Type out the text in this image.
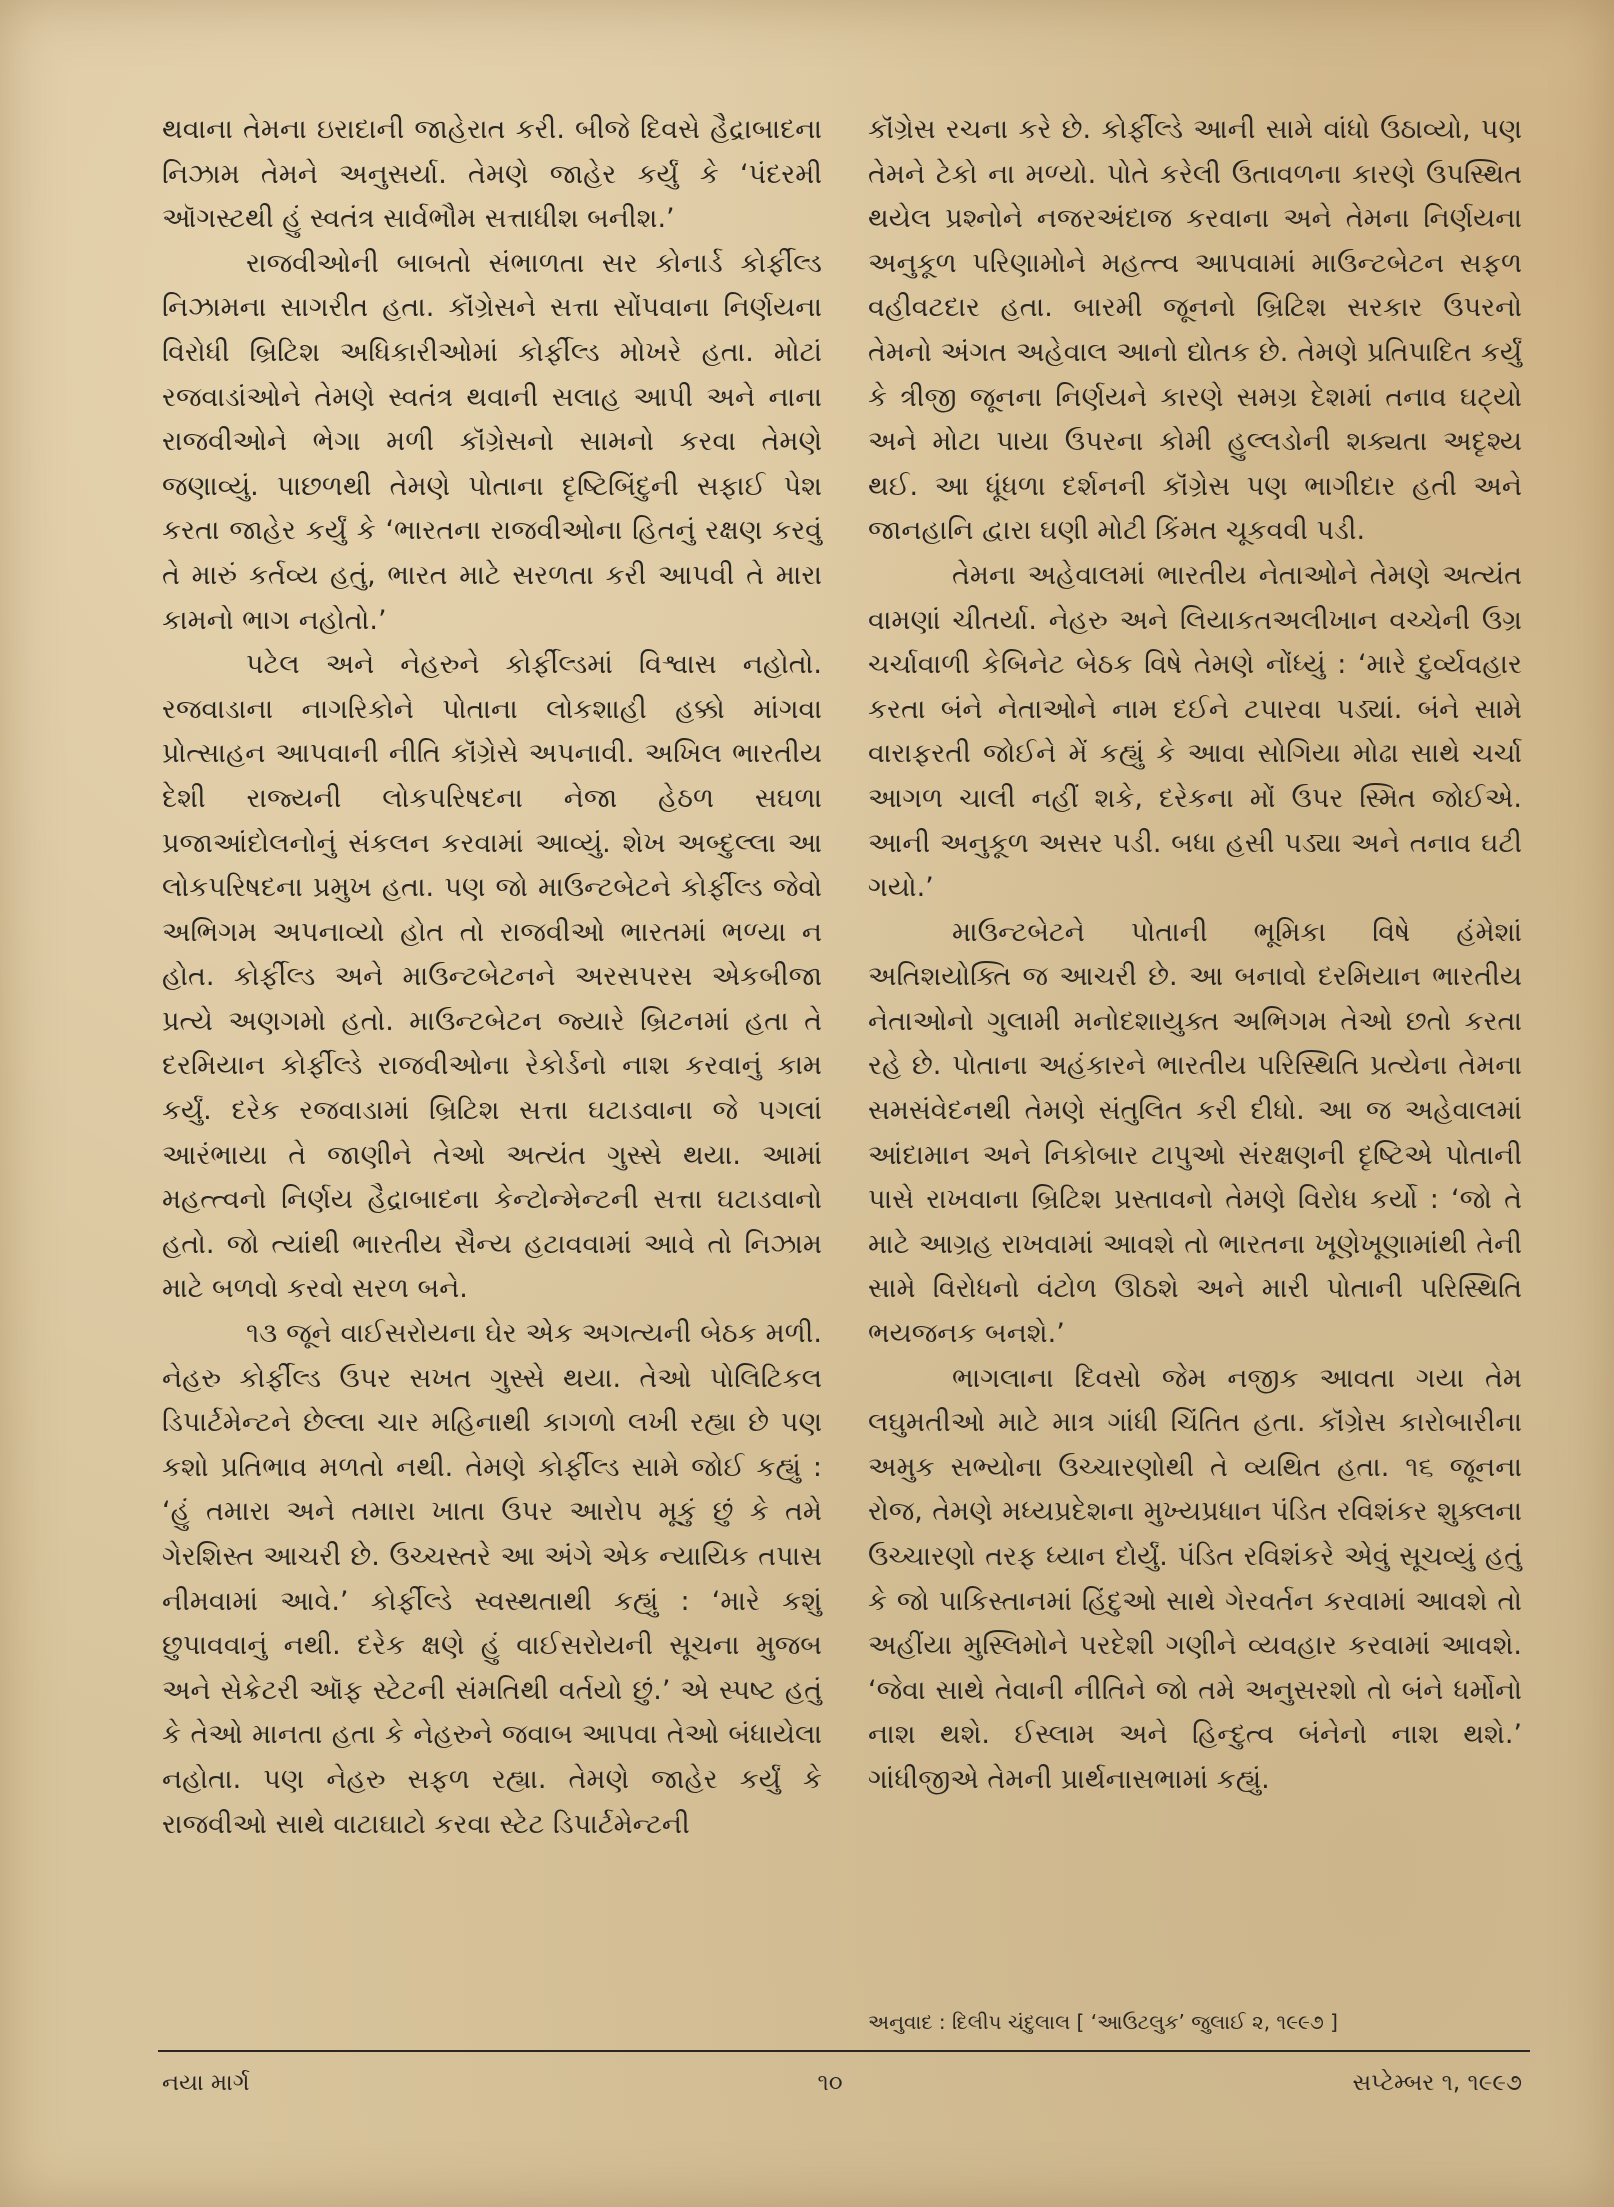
થવાના તેમના ઇરાદાની જાહેરાત કરી. બીજે દિવસે હૈદ્રાબાદના નિઝામ તેમને અનુસર્યા. તેમણે જાહેર કર્યું કે ‘પંદરમી ઑગસ્ટથી હું સ્વતંત્ર સાર્વભૌમ સત્તાધીશ બનીશ.’

રાજવીઓની બાબતો સંભાળતા સર કોનાર્ડ કોર્ફીલ્ડ નિઝામના સાગરીત હતા. કૉંગ્રેસને સત્તા સોંપવાના નિર્ણયના વિરોધી બ્રિટિશ અધિકારીઓમાં કોર્ફીલ્ડ મોખરે હતા. મોટાં રજવાડાંઓને તેમણે સ્વતંત્ર થવાની સલાહ આપી અને નાના રાજવીઓને ભેગા મળી કૉંગ્રેસનો સામનો કરવા તેમણે જણાવ્યું. પાછળથી તેમણે પોતાના દૃષ્ટિબિંદુની સફાઈ પેશ કરતા જાહેર કર્યું કે ‘ભારતના રાજવીઓના હિતનું રક્ષણ કરવું તે મારું કર્તવ્ય હતું, ભારત માટે સરળતા કરી આપવી તે મારા કામનો ભાગ નહોતો.’

પટેલ અને નેહરુને કોર્ફીલ્ડમાં વિશ્વાસ નહોતો. રજવાડાના નાગરિકોને પોતાના લોકશાહી હક્કો માંગવા પ્રોત્સાહન આપવાની નીતિ કૉંગ્રેસે અપનાવી. અખિલ ભારતીય દેશી રાજ્યની લોકપરિષદના નેજા હેઠળ સઘળા પ્રજાઆંદોલનોનું સંકલન કરવામાં આવ્યું. શેખ અબ્દુલ્લા આ લોકપરિષદના પ્રમુખ હતા. પણ જો માઉન્ટબેટને કોર્ફીલ્ડ જેવો અભિગમ અપનાવ્યો હોત તો રાજવીઓ ભારતમાં ભળ્યા ન હોત. કોર્ફીલ્ડ અને માઉન્ટબેટનને અરસપરસ એકબીજા પ્રત્યે અણગમો હતો. માઉન્ટબેટન જ્યારે બ્રિટનમાં હતા તે દરમિયાન કોર્ફીલ્ડે રાજવીઓના રેકોર્ડનો નાશ કરવાનું કામ કર્યું. દરેક રજવાડામાં બ્રિટિશ સત્તા ઘટાડવાના જે પગલાં આરંભાયા તે જાણીને તેઓ અત્યંત ગુસ્સે થયા. આમાં મહત્ત્વનો નિર્ણય હૈદ્રાબાદના કેન્ટોન્મેન્ટની સત્તા ઘટાડવાનો હતો. જો ત્યાંથી ભારતીય સૈન્ય હટાવવામાં આવે તો નિઝામ માટે બળવો કરવો સરળ બને.

૧૩ જૂને વાઈસરોયના ઘેર એક અગત્યની બેઠક મળી. નેહરુ કોર્ફીલ્ડ ઉપર સખત ગુસ્સે થયા. તેઓ પોલિટિકલ ડિપાર્ટમેન્ટને છેલ્લા ચાર મહિનાથી કાગળો લખી રહ્યા છે પણ કશો પ્રતિભાવ મળતો નથી. તેમણે કોર્ફીલ્ડ સામે જોઈ કહ્યું : ‘હું તમારા અને તમારા ખાતા ઉપર આરોપ મૂકું છું કે તમે ગેરશિસ્ત આચરી છે. ઉચ્ચસ્તરે આ અંગે એક ન્યાયિક તપાસ નીમવામાં આવે.’ કોર્ફીલ્ડે સ્વસ્થતાથી કહ્યું : ‘મારે કશું છુપાવવાનું નથી. દરેક ક્ષણે હું વાઈસરોયની સૂચના મુજબ અને સેક્રેટરી ઑફ સ્ટેટની સંમતિથી વર્તયો છું.’ એ સ્પષ્ટ હતું કે તેઓ માનતા હતા કે નેહરુને જવાબ આપવા તેઓ બંધાયેલા નહોતા. પણ નેહરુ સફળ રહ્યા. તેમણે જાહેર કર્યું કે રાજવીઓ સાથે વાટાઘાટો કરવા સ્ટેટ ડિપાર્ટમેન્ટની

કૉંગ્રેસ રચના કરે છે. કોર્ફીલ્ડે આની સામે વાંધો ઉઠાવ્યો, પણ તેમને ટેકો ના મળ્યો. પોતે કરેલી ઉતાવળના કારણે ઉપસ્થિત થયેલ પ્રશ્નોને નજરઅંદાજ કરવાના અને તેમના નિર્ણયના અનુકૂળ પરિણામોને મહત્ત્વ આપવામાં માઉન્ટબેટન સફળ વહીવટદાર હતા. બારમી જૂનનો બ્રિટિશ સરકાર ઉપરનો તેમનો અંગત અહેવાલ આનો દ્યોતક છે. તેમણે પ્રતિપાદિત કર્યું કે ત્રીજી જૂનના નિર્ણયને કારણે સમગ્ર દેશમાં તનાવ ઘટ્યો અને મોટા પાયા ઉપરના કોમી હુલ્લડોની શક્યતા અદૃશ્ય થઈ. આ ધૂંધળા દર્શનની કૉંગ્રેસ પણ ભાગીદાર હતી અને જાનહાનિ દ્વારા ઘણી મોટી કિંમત ચૂકવવી પડી.

તેમના અહેવાલમાં ભારતીય નેતાઓને તેમણે અત્યંત વામણાં ચીતર્યા. નેહરુ અને લિયાકતઅલીખાન વચ્ચેની ઉગ્ર ચર્ચાવાળી કેબિનેટ બેઠક વિષે તેમણે નોંધ્યું : ‘મારે દુર્વ્યવહાર કરતા બંને નેતાઓને નામ દઈને ટપારવા પડ્યાં. બંને સામે વારાફરતી જોઈને મેં કહ્યું કે આવા સોગિયા મોઢા સાથે ચર્ચા આગળ ચાલી નહીં શકે, દરેકના મોં ઉપર સ્મિત જોઈએ. આની અનુકૂળ અસર પડી. બધા હસી પડ્યા અને તનાવ ઘટી ગયો.’

માઉન્ટબેટને પોતાની ભૂમિકા વિષે હંમેશાં અતિશયોક્તિ જ આચરી છે. આ બનાવો દરમિયાન ભારતીય નેતાઓનો ગુલામી મનોદશાયુક્ત અભિગમ તેઓ છતો કરતા રહે છે. પોતાના અહંકારને ભારતીય પરિસ્થિતિ પ્રત્યેના તેમના સમસંવેદનથી તેમણે સંતુલિત કરી દીધો. આ જ અહેવાલમાં આંદામાન અને નિકોબાર ટાપુઓ સંરક્ષણની દૃષ્ટિએ પોતાની પાસે રાખવાના બ્રિટિશ પ્રસ્તાવનો તેમણે વિરોધ કર્યો : ‘જો તે માટે આગ્રહ રાખવામાં આવશે તો ભારતના ખૂણેખૂણામાંથી તેની સામે વિરોધનો વંટોળ ઊઠશે અને મારી પોતાની પરિસ્થિતિ ભયજનક બનશે.’

ભાગલાના દિવસો જેમ નજીક આવતા ગયા તેમ લઘુમતીઓ માટે માત્ર ગાંધી ચિંતિત હતા. કૉંગ્રેસ કારોબારીના અમુક સભ્યોના ઉચ્ચારણોથી તે વ્યથિત હતા. ૧૬ જૂનના રોજ, તેમણે મધ્યપ્રદેશના મુખ્યપ્રધાન પંડિત રવિશંકર શુક્લના ઉચ્ચારણો તરફ ધ્યાન દોર્યું. પંડિત રવિશંકરે એવું સૂચવ્યું હતું કે જો પાકિસ્તાનમાં હિંદુઓ સાથે ગેરવર્તન કરવામાં આવશે તો અહીંયા મુસ્લિમોને પરદેશી ગણીને વ્યવહાર કરવામાં આવશે. ‘જેવા સાથે તેવાની નીતિને જો તમે અનુસરશો તો બંને ધર્મોનો નાશ થશે. ઈસ્લામ અને હિન્દુત્વ બંનેનો નાશ થશે.’ ગાંધીજીએ તેમની પ્રાર્થનાસભામાં કહ્યું.

અનુવાદ : દિલીપ ચંદુલાલ [ ‘આઉટલુક’ જુલાઈ ૨, ૧૯૯૭ ]
નયા માર્ગ	૧૦	સપ્ટેમ્બર ૧, ૧૯૯૭
